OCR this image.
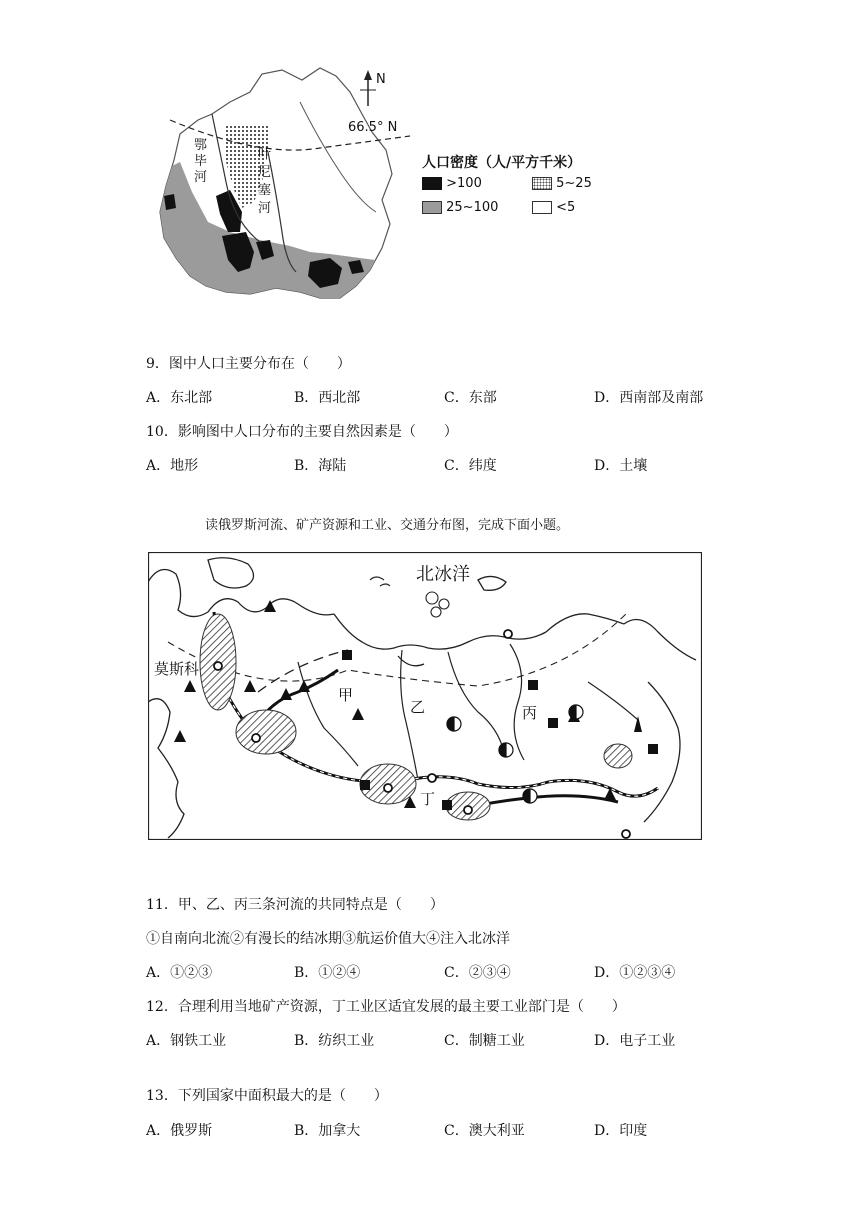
N
66.5° N
鄂
毕
河
叶
尼
塞
河
人口密度（人/平方千米）
>100	5~25
25~100	<5
9．图中人口主要分布在（　　）
A．东北部	B．西北部	C．东部	D．西南部及南部
10．影响图中人口分布的主要自然因素是（　　）
A．地形	B．海陆	C．纬度	D．土壤
读俄罗斯河流、矿产资源和工业、交通分布图，完成下面小题。
北冰洋
莫斯科
甲
乙	丙
丁
11．甲、乙、丙三条河流的共同特点是（　　）
①自南向北流②有漫长的结冰期③航运价值大④注入北冰洋
A．①②③	B．①②④	C．②③④	D．①②③④
12．合理利用当地矿产资源，丁工业区适宜发展的最主要工业部门是（　　）
A．钢铁工业	B．纺织工业	C．制糖工业	D．电子工业
13．下列国家中面积最大的是（　　）
A．俄罗斯	B．加拿大	C．澳大利亚	D．印度
